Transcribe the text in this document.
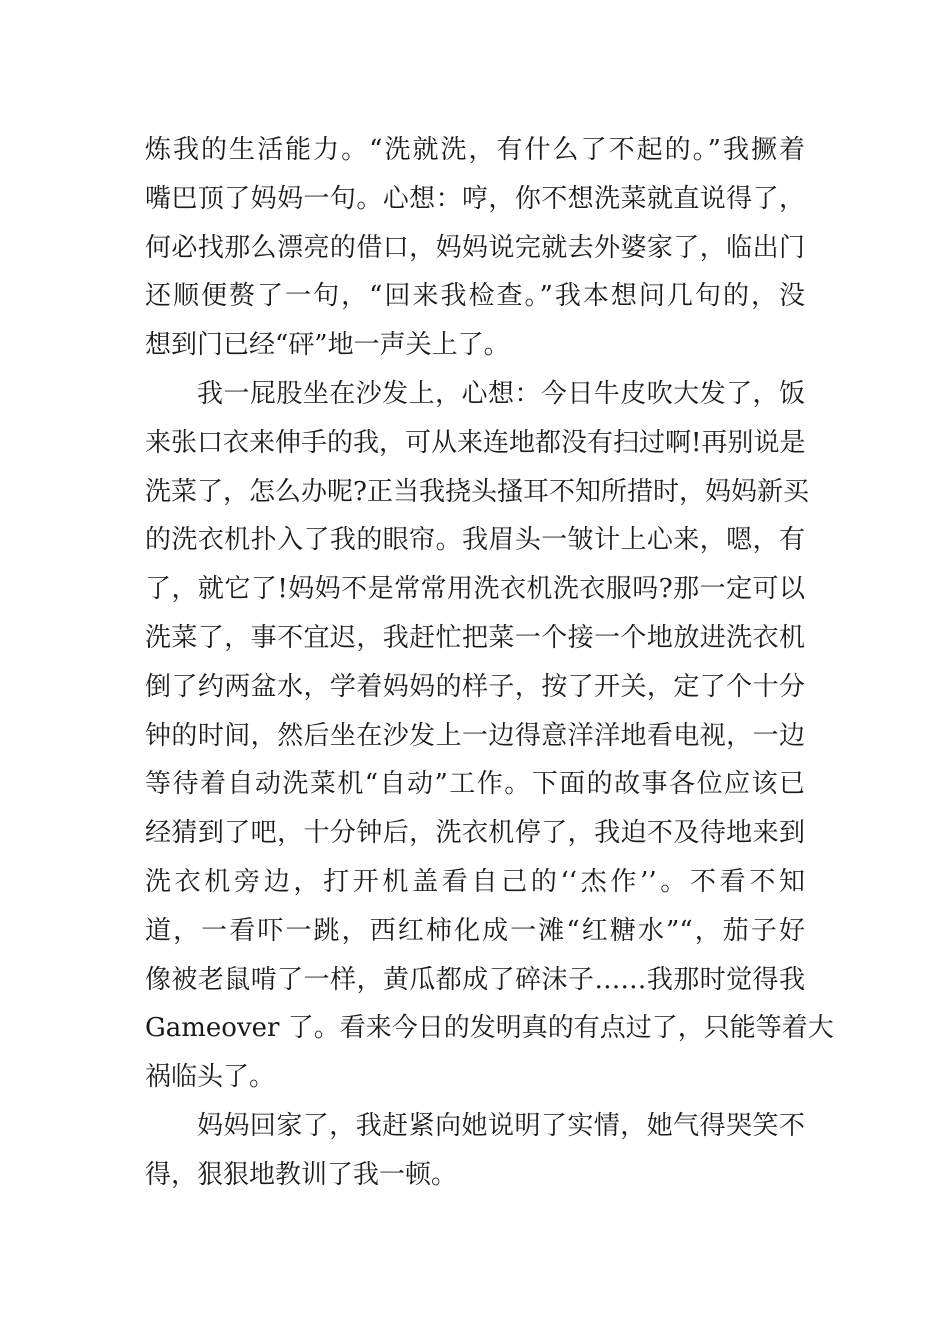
炼我的生活能力。“洗就洗，有什么了不起的。”我撅着
嘴巴顶了妈妈一句。心想：哼，你不想洗菜就直说得了，
何必找那么漂亮的借口，妈妈说完就去外婆家了，临出门
还顺便赘了一句，“回来我检查。”我本想问几句的，没
想到门已经“砰”地一声关上了。
我一屁股坐在沙发上，心想：今日牛皮吹大发了，饭
来张口衣来伸手的我，可从来连地都没有扫过啊!再别说是
洗菜了，怎么办呢?正当我挠头搔耳不知所措时，妈妈新买
的洗衣机扑入了我的眼帘。我眉头一皱计上心来，嗯，有
了，就它了!妈妈不是常常用洗衣机洗衣服吗?那一定可以
洗菜了，事不宜迟，我赶忙把菜一个接一个地放进洗衣机
倒了约两盆水，学着妈妈的样子，按了开关，定了个十分
钟的时间，然后坐在沙发上一边得意洋洋地看电视，一边
等待着自动洗菜机“自动”工作。下面的故事各位应该已
经猜到了吧，十分钟后，洗衣机停了，我迫不及待地来到
洗衣机旁边，打开机盖看自己的‘‘杰作’’。不看不知
道，一看吓一跳，西红柿化成一滩“红糖水”“，茄子好
像被老鼠啃了一样，黄瓜都成了碎沫子……我那时觉得我
Gameover 了。看来今日的发明真的有点过了，只能等着大
祸临头了。
妈妈回家了，我赶紧向她说明了实情，她气得哭笑不
得，狠狠地教训了我一顿。
